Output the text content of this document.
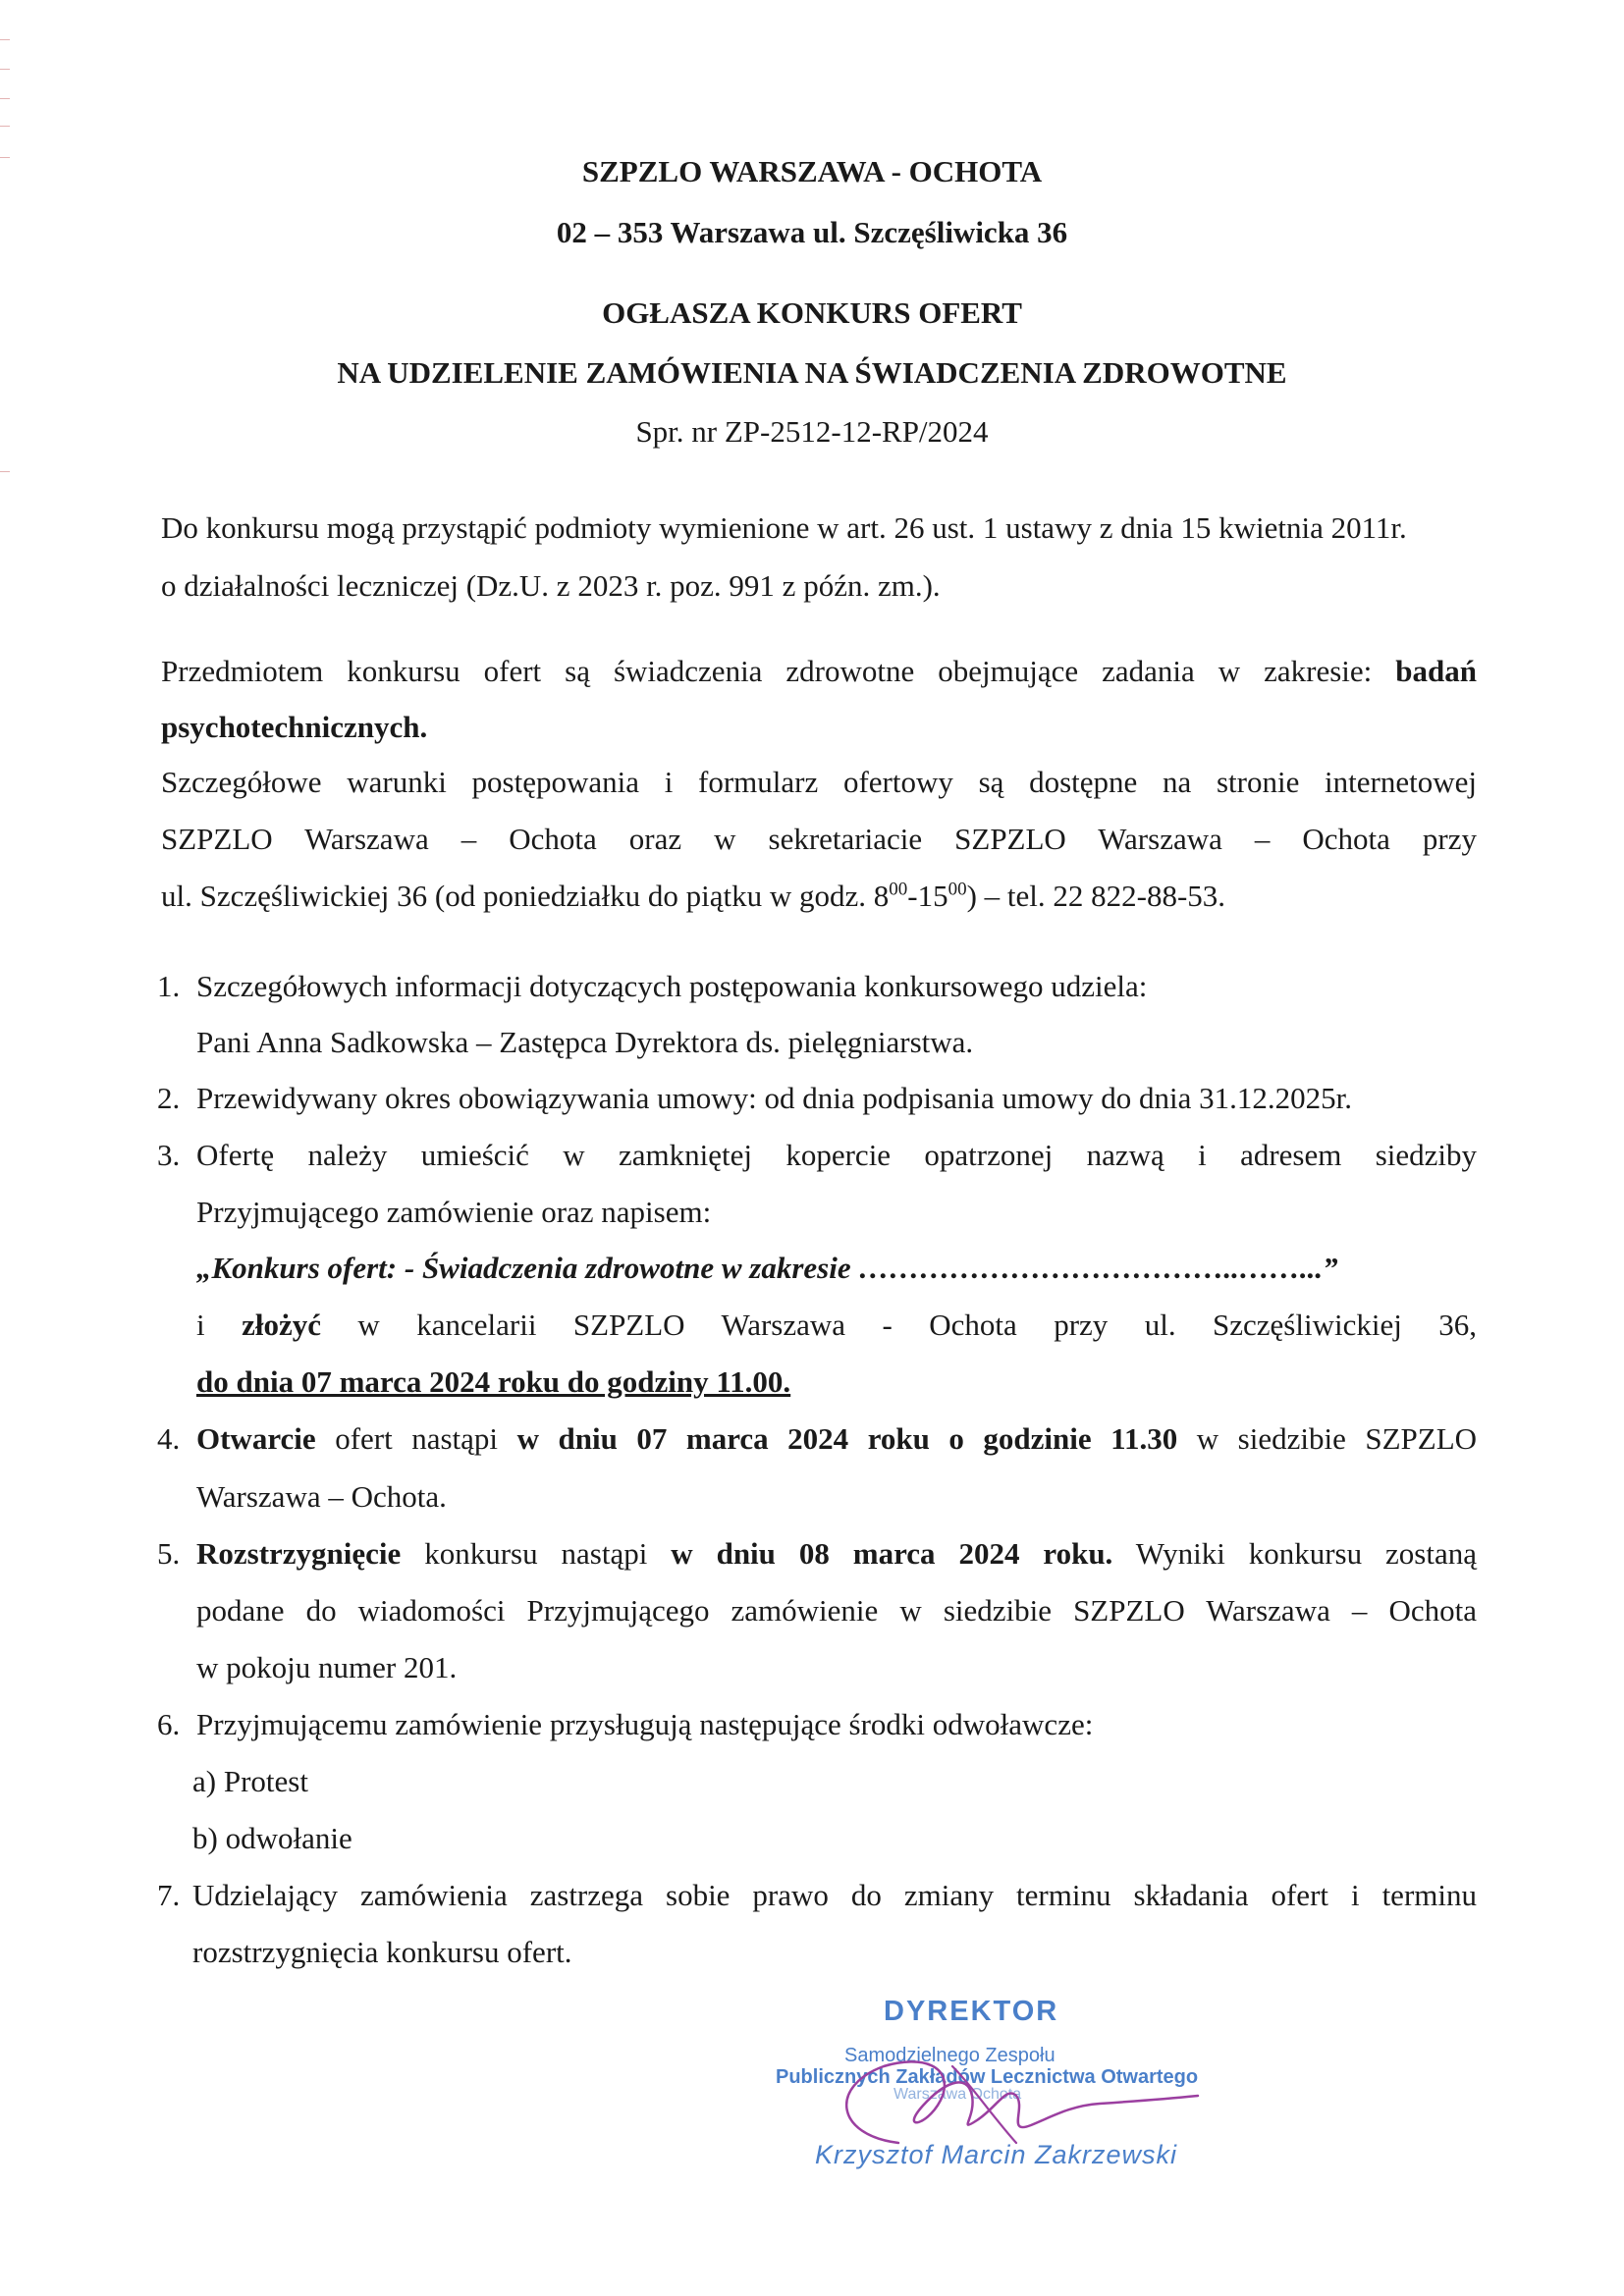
SZPZLO WARSZAWA - OCHOTA
02 – 353 Warszawa ul. Szczęśliwicka 36
OGŁASZA KONKURS OFERT
NA UDZIELENIE ZAMÓWIENIA NA ŚWIADCZENIA ZDROWOTNE
Spr. nr ZP-2512-12-RP/2024
Do konkursu mogą przystąpić podmioty wymienione w art. 26 ust. 1 ustawy z dnia 15 kwietnia 2011r.
o działalności leczniczej (Dz.U. z 2023 r. poz. 991 z późn. zm.).
Przedmiotem konkursu ofert są świadczenia zdrowotne obejmujące zadania w zakresie: badań
psychotechnicznych.
Szczegółowe warunki postępowania i formularz ofertowy są dostępne na stronie internetowej
SZPZLO Warszawa – Ochota oraz w sekretariacie SZPZLO Warszawa – Ochota przy
ul. Szczęśliwickiej 36 (od poniedziałku do piątku w godz. $8^{00}-15^{00}$) – tel. 22 822-88-53.
1. Szczegółowych informacji dotyczących postępowania konkursowego udziela:
Pani Anna Sadkowska – Zastępca Dyrektora ds. pielęgniarstwa.
2. Przewidywany okres obowiązywania umowy: od dnia podpisania umowy do dnia 31.12.2025r.
3. Ofertę należy umieścić w zamkniętej kopercie opatrzonej nazwą i adresem siedziby
Przyjmującego zamówienie oraz napisem:
„Konkurs ofert: - Świadczenia zdrowotne w zakresie ………………………………..……...”
i złożyć w kancelarii SZPZLO Warszawa - Ochota przy ul. Szczęśliwickiej 36,
do dnia 07 marca 2024 roku do godziny 11.00.
4. Otwarcie ofert nastąpi w dniu 07 marca 2024 roku o godzinie 11.30 w siedzibie SZPZLO
Warszawa – Ochota.
5. Rozstrzygnięcie konkursu nastąpi w dniu 08 marca 2024 roku. Wyniki konkursu zostaną
podane do wiadomości Przyjmującego zamówienie w siedzibie SZPZLO Warszawa – Ochota
w pokoju numer 201.
6. Przyjmującemu zamówienie przysługują następujące środki odwoławcze:
a) Protest
b) odwołanie
7. Udzielający zamówienia zastrzega sobie prawo do zmiany terminu składania ofert i terminu
rozstrzygnięcia konkursu ofert.
DYREKTOR
Samodzielnego Zespołu
Publicznych Zakładów Lecznictwa Otwartego
Warszawa Ochota
Krzysztof Marcin Zakrzewski
